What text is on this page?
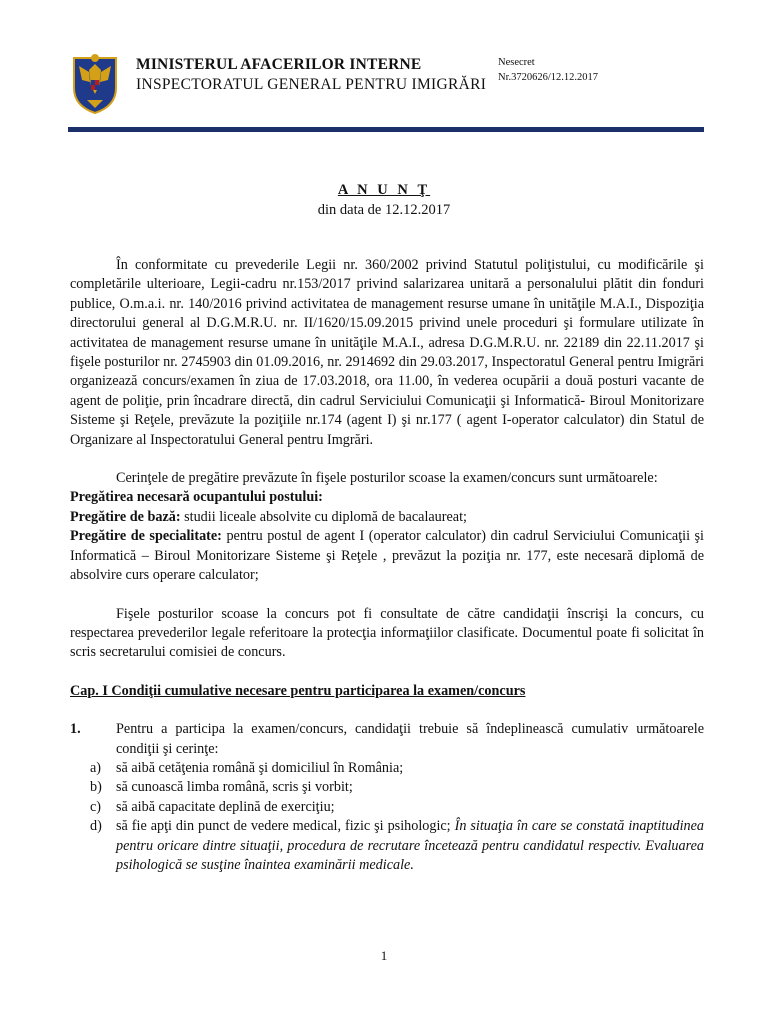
MINISTERUL AFACERILOR INTERNE
INSPECTORATUL GENERAL PENTRU IMIGRĂRI
Nesecret
Nr.3720626/12.12.2017
A N U N Ţ
din data de 12.12.2017

În conformitate cu prevederile Legii nr. 360/2002 privind Statutul poliţistului, cu modificările şi completările ulterioare, Legii-cadru nr.153/2017 privind salarizarea unitară a personalului plătit din fonduri publice, O.m.a.i. nr. 140/2016 privind activitatea de management resurse umane în unităţile M.A.I., Dispoziţia directorului general al D.G.M.R.U. nr. II/1620/15.09.2015 privind unele proceduri şi formulare utilizate în activitatea de management resurse umane în unităţile M.A.I., adresa D.G.M.R.U. nr. 22189 din 22.11.2017 şi fişele posturilor nr. 2745903 din 01.09.2016, nr. 2914692 din 29.03.2017, Inspectoratul General pentru Imigrări organizează concurs/examen în ziua de 17.03.2018, ora 11.00, în vederea ocupării a două posturi vacante de agent de poliţie, prin încadrare directă, din cadrul Serviciului Comunicaţii şi Informatică- Biroul Monitorizare Sisteme şi Reţele, prevăzute la poziţiile nr.174 (agent I) şi nr.177 ( agent I-operator calculator) din Statul de Organizare al Inspectoratului General pentru Imgrări.

Cerinţele de pregătire prevăzute în fişele posturilor scoase la examen/concurs sunt următoarele:

Pregătirea necesară ocupantului postului:

Pregătire de bază: studii liceale absolvite cu diplomă de bacalaureat;

Pregătire de specialitate: pentru postul de agent I (operator calculator) din cadrul Serviciului Comunicaţii şi Informatică – Biroul Monitorizare Sisteme şi Reţele , prevăzut la poziţia nr. 177, este necesară diplomă de absolvire curs operare calculator;

Fişele posturilor scoase la concurs pot fi consultate de către candidaţii înscrişi la concurs, cu respectarea prevederilor legale referitoare la protecţia informaţiilor clasificate. Documentul poate fi solicitat în scris secretarului comisiei de concurs.

Cap. I Condiţii cumulative necesare pentru participarea la examen/concurs

1.	Pentru a participa la examen/concurs, candidaţii trebuie să îndeplinească cumulativ următoarele condiţii şi cerinţe:
a)	să aibă cetăţenia română şi domiciliul în România;
b) să cunoască limba română, scris şi vorbit;
c)	să aibă capacitate deplină de exerciţiu;
d) să fie apţi din punct de vedere medical, fizic şi psihologic; În situaţia în care se constată inaptitudinea pentru oricare dintre situaţii, procedura de recrutare încetează pentru candidatul respectiv. Evaluarea psihologică se susţine înaintea examinării medicale.
1
